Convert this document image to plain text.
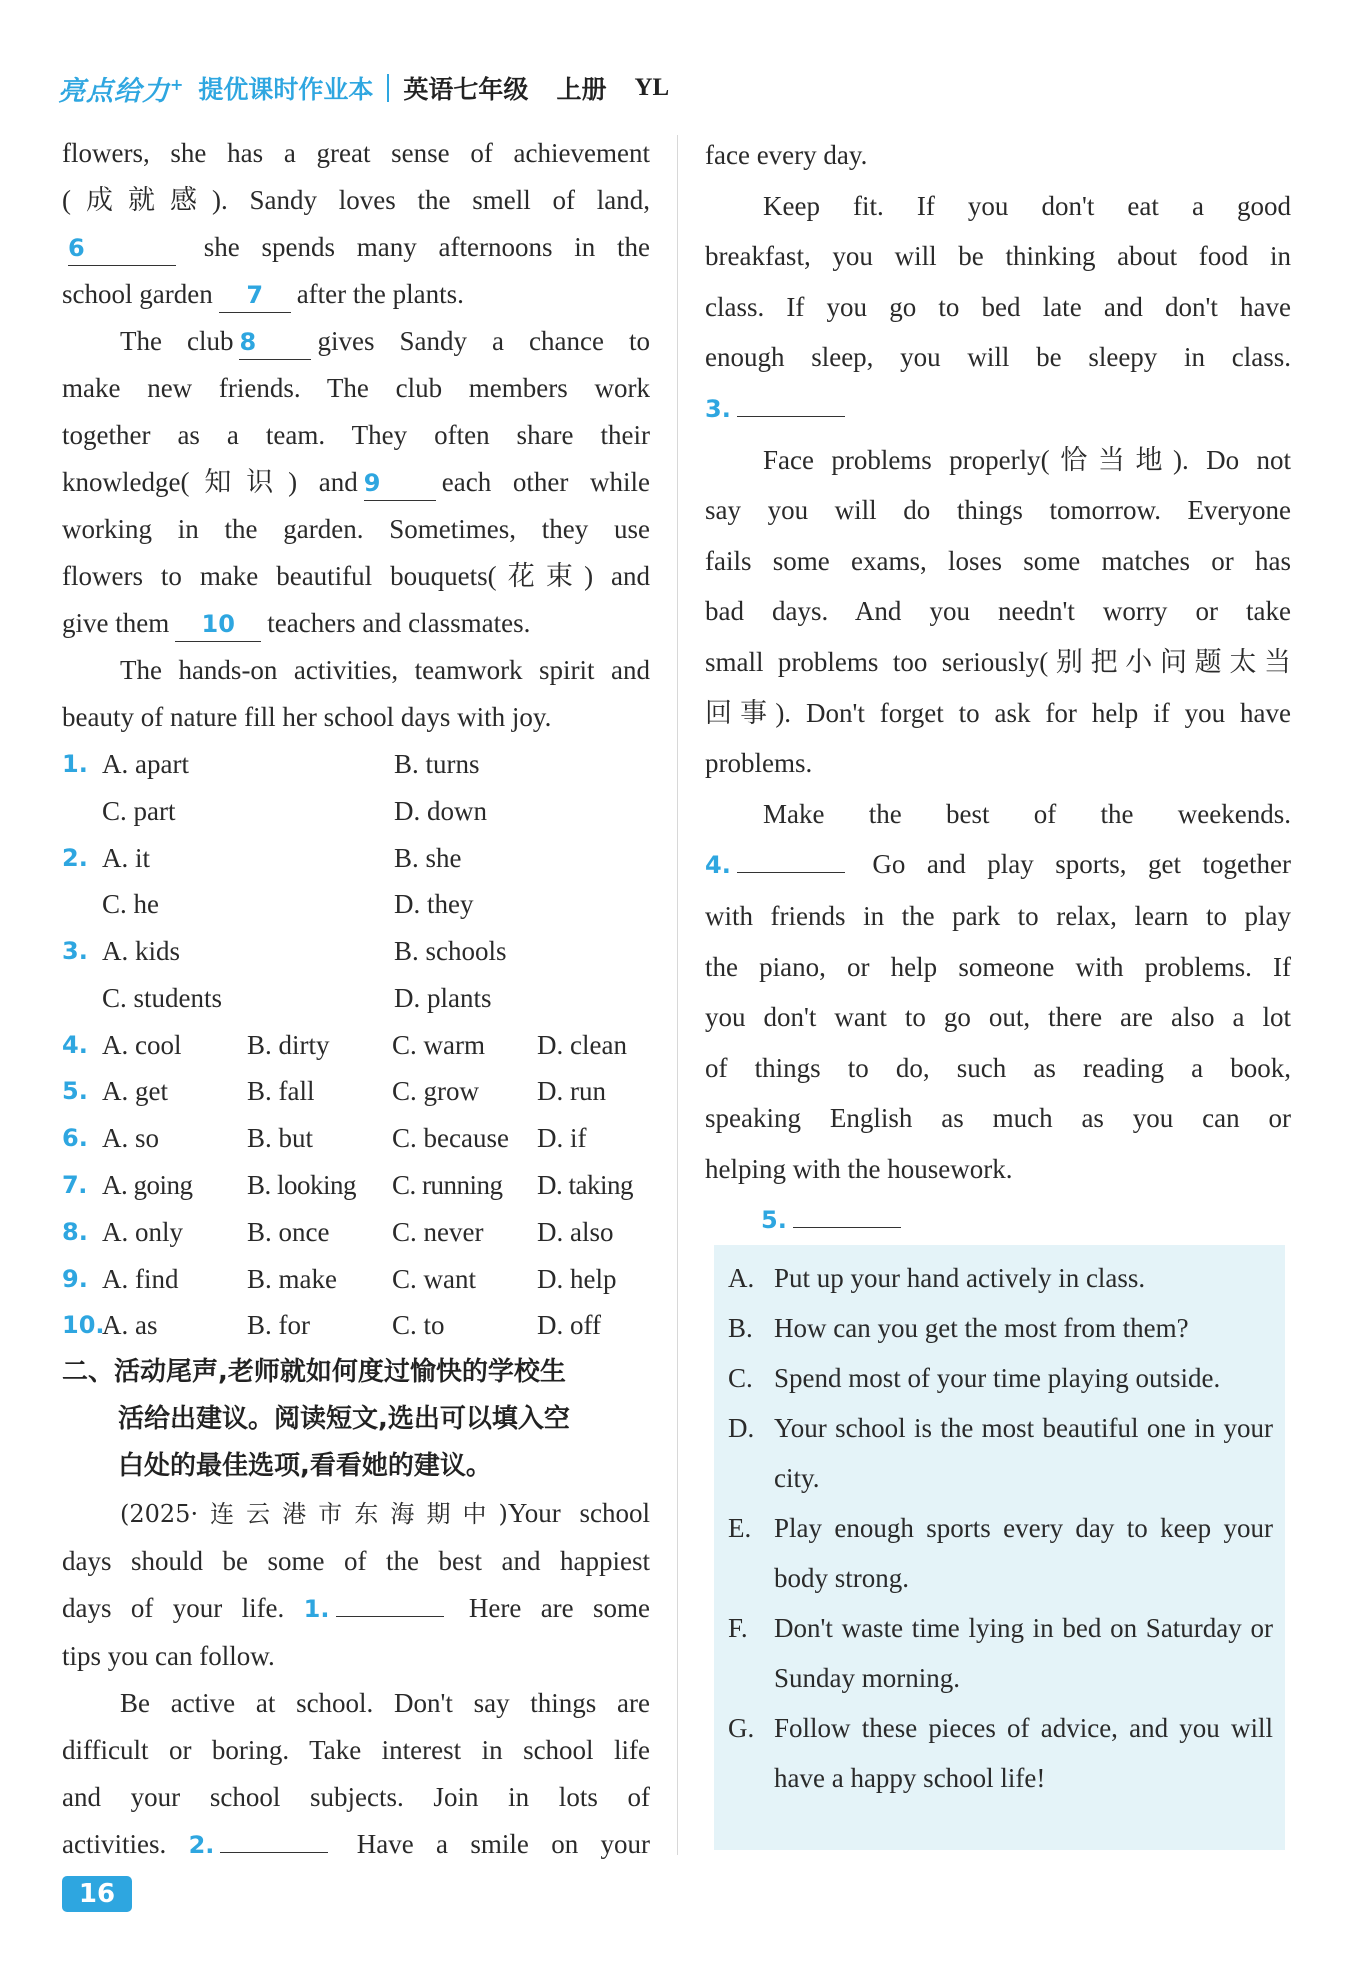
亮点给力+ 提优课时作业本 英语七年级 上册 YL

flowers, she has a great sense of achievement

(成就感). Sandy loves the smell of land,

6	she spends many afternoons in the

school garden 7 after the plants.

The club 8 gives Sandy a chance to

make new friends. The club members work

together as a team. They often share their

knowledge(知识) and 9 each other while

working in the garden. Sometimes, they use

flowers to make beautiful bouquets(花束) and

give them 10 teachers and classmates.

The hands-on activities, teamwork spirit and

beauty of nature fill her school days with joy.

1. A. apart	B. turns
C. part	D. down
2. A. it	B. she
C. he	D. they
3. A. kids	B. schools
C. students	D. plants
4. A. cool	B. dirty	C. warm	D. clean
5. A. get	B. fall	C. grow	D. run
6. A. so	B. but	C. because	D. if
7. A. going	B. looking	C. running	D. taking
8. A. only	B. once	C. never	D. also
9. A. find	B. make	C. want	D. help
10.
A. as	B. for	C. to	D. off

二、活动尾声,老师就如何度过愉快的学校生

活给出建议。阅读短文,选出可以填入空

白处的最佳选项,看看她的建议。

(2025·连云港市东海期中)Your school

days should be some of the best and happiest

days of your life. 1.	Here are some

tips you can follow.

Be active at school. Don't say things are

difficult or boring. Take interest in school life

and your school subjects. Join in lots of

activities. 2.	Have a smile on your

face every day.

Keep fit. If you don't eat a good

breakfast, you will be thinking about food in

class. If you go to bed late and don't have

enough sleep, you will be sleepy in class.

3.

Face problems properly(恰当地). Do not

say you will do things tomorrow. Everyone

fails some exams, loses some matches or has

bad days. And you needn't worry or take

small problems too seriously(别把小问题太当

回事). Don't forget to ask for help if you have

problems.

Make the best of the weekends.

4.	Go and play sports, get together

with friends in the park to relax, learn to play

the piano, or help someone with problems. If

you don't want to go out, there are also a lot

of things to do, such as reading a book,

speaking English as much as you can or

helping with the housework.

5.

A. Put up your hand actively in class.
B. How can you get the most from them?
C. Spend most of your time playing outside.
D. Your school is the most beautiful one in your city.
E. Play enough sports every day to keep your body strong.
F. Don't waste time lying in bed on Saturday or Sunday morning.
G. Follow these pieces of advice, and you will have a happy school life!
16
